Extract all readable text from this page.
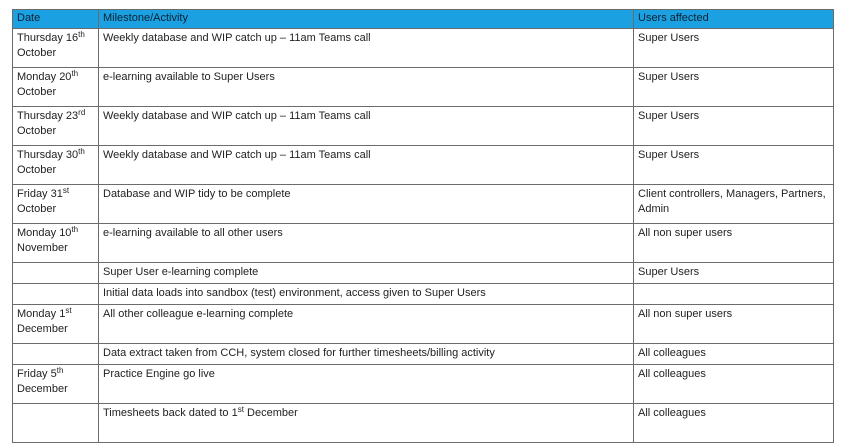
Date	Milestone/Activity	Users affected
Thursday 16th October	Weekly database and WIP catch up – 11am Teams call	Super Users
Monday 20th October	e-learning available to Super Users	Super Users
Thursday 23rd October	Weekly database and WIP catch up – 11am Teams call	Super Users
Thursday 30th October	Weekly database and WIP catch up – 11am Teams call	Super Users
Friday 31st October	Database and WIP tidy to be complete	Client controllers, Managers, Partners, Admin
Monday 10th November	e-learning available to all other users	All non super users
	Super User e-learning complete	Super Users
	Initial data loads into sandbox (test) environment, access given to Super Users	
Monday 1st December	All other colleague e-learning complete	All non super users
	Data extract taken from CCH, system closed for further timesheets/billing activity	All colleagues
Friday 5th December	Practice Engine go live	All colleagues
	Timesheets back dated to 1st December	All colleagues
